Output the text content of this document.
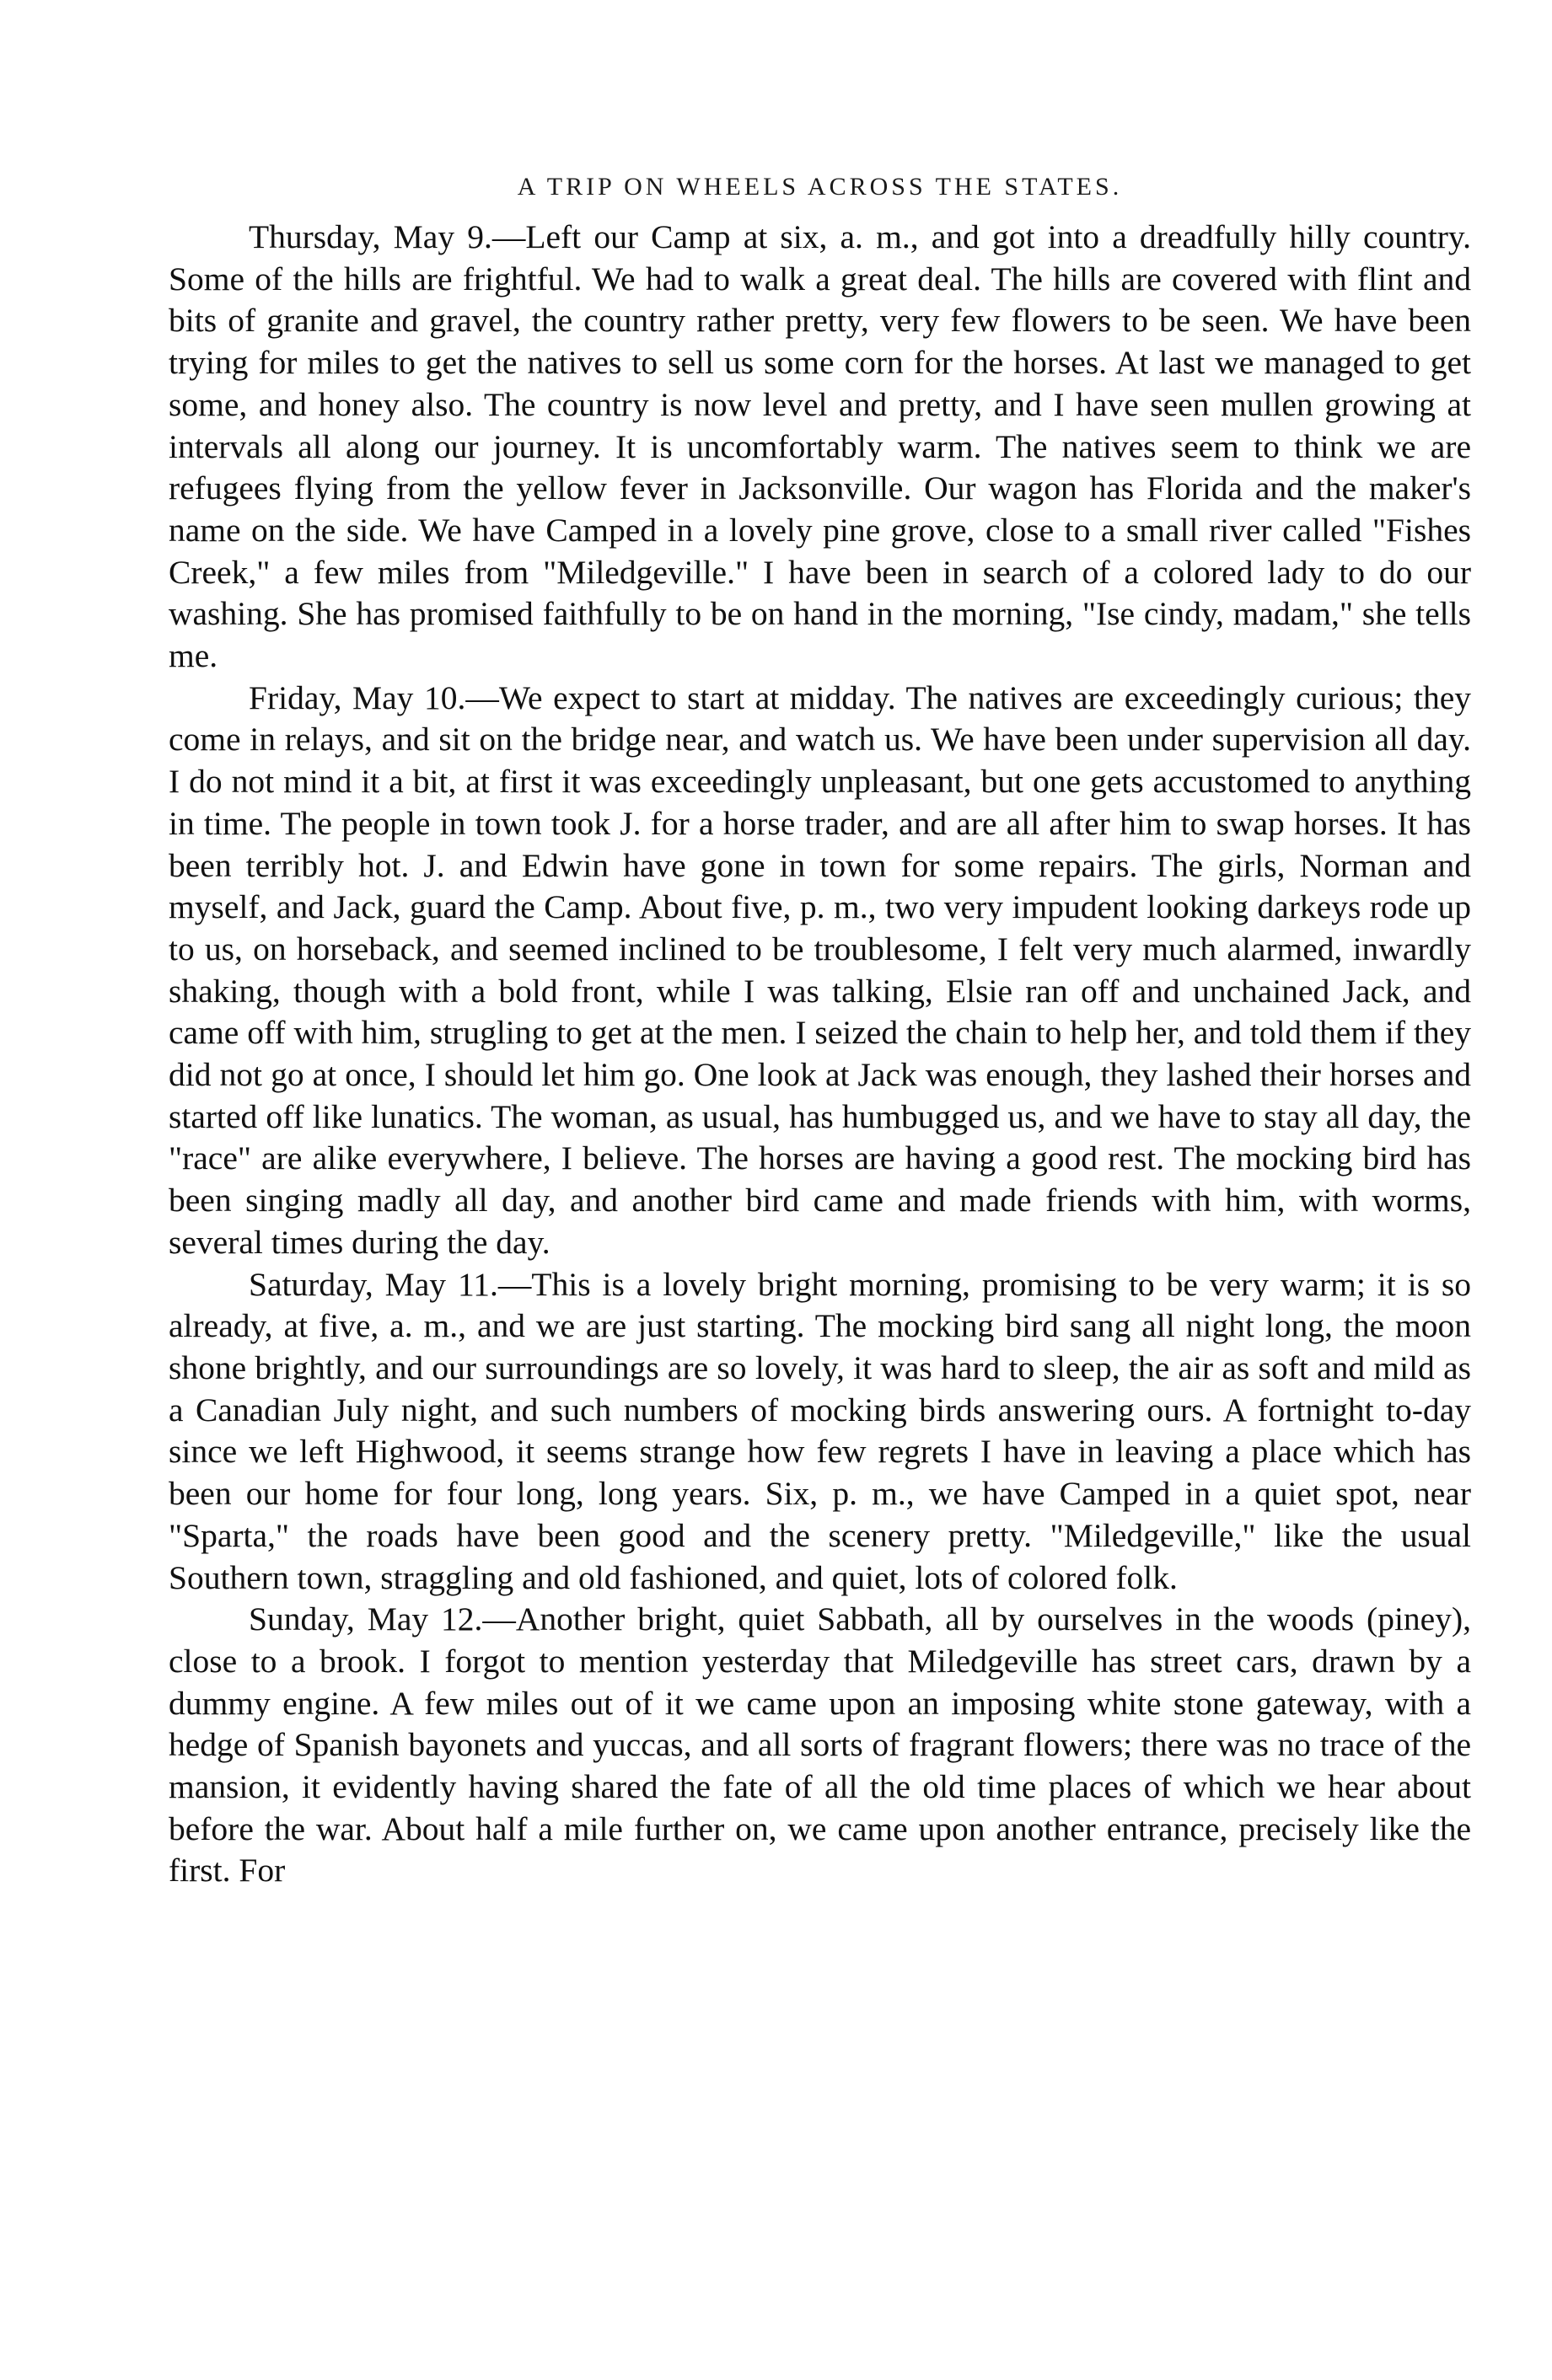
A TRIP ON WHEELS ACROSS THE STATES.

Thursday, May 9.—Left our Camp at six, a. m., and got into a dreadfully hilly country. Some of the hills are frightful. We had to walk a great deal. The hills are covered with flint and bits of granite and gravel, the country rather pretty, very few flowers to be seen. We have been trying for miles to get the natives to sell us some corn for the horses. At last we managed to get some, and honey also. The country is now level and pretty, and I have seen mullen growing at intervals all along our journey. It is uncomfortably warm. The natives seem to think we are refugees flying from the yellow fever in Jacksonville. Our wagon has Florida and the maker's name on the side. We have Camped in a lovely pine grove, close to a small river called "Fishes Creek," a few miles from "Miledgeville." I have been in search of a colored lady to do our washing. She has promised faithfully to be on hand in the morning, "Ise cindy, madam," she tells me.

Friday, May 10.—We expect to start at midday. The natives are exceedingly curious; they come in relays, and sit on the bridge near, and watch us. We have been under supervision all day. I do not mind it a bit, at first it was exceedingly unpleasant, but one gets accustomed to anything in time. The people in town took J. for a horse trader, and are all after him to swap horses. It has been terribly hot. J. and Edwin have gone in town for some repairs. The girls, Norman and myself, and Jack, guard the Camp. About five, p. m., two very impudent looking darkeys rode up to us, on horseback, and seemed inclined to be troublesome, I felt very much alarmed, inwardly shaking, though with a bold front, while I was talking, Elsie ran off and unchained Jack, and came off with him, strugling to get at the men. I seized the chain to help her, and told them if they did not go at once, I should let him go. One look at Jack was enough, they lashed their horses and started off like lunatics. The woman, as usual, has humbugged us, and we have to stay all day, the "race" are alike everywhere, I believe. The horses are having a good rest. The mocking bird has been singing madly all day, and another bird came and made friends with him, with worms, several times during the day.

Saturday, May 11.—This is a lovely bright morning, promising to be very warm; it is so already, at five, a. m., and we are just starting. The mocking bird sang all night long, the moon shone brightly, and our surroundings are so lovely, it was hard to sleep, the air as soft and mild as a Canadian July night, and such numbers of mocking birds answering ours. A fortnight to-day since we left Highwood, it seems strange how few regrets I have in leaving a place which has been our home for four long, long years. Six, p. m., we have Camped in a quiet spot, near "Sparta," the roads have been good and the scenery pretty. "Miledgeville," like the usual Southern town, straggling and old fashioned, and quiet, lots of colored folk.

Sunday, May 12.—Another bright, quiet Sabbath, all by ourselves in the woods (piney), close to a brook. I forgot to mention yesterday that Miledgeville has street cars, drawn by a dummy engine. A few miles out of it we came upon an imposing white stone gateway, with a hedge of Spanish bayonets and yuccas, and all sorts of fragrant flowers; there was no trace of the mansion, it evidently having shared the fate of all the old time places of which we hear about before the war. About half a mile further on, we came upon another entrance, precisely like the first. For
